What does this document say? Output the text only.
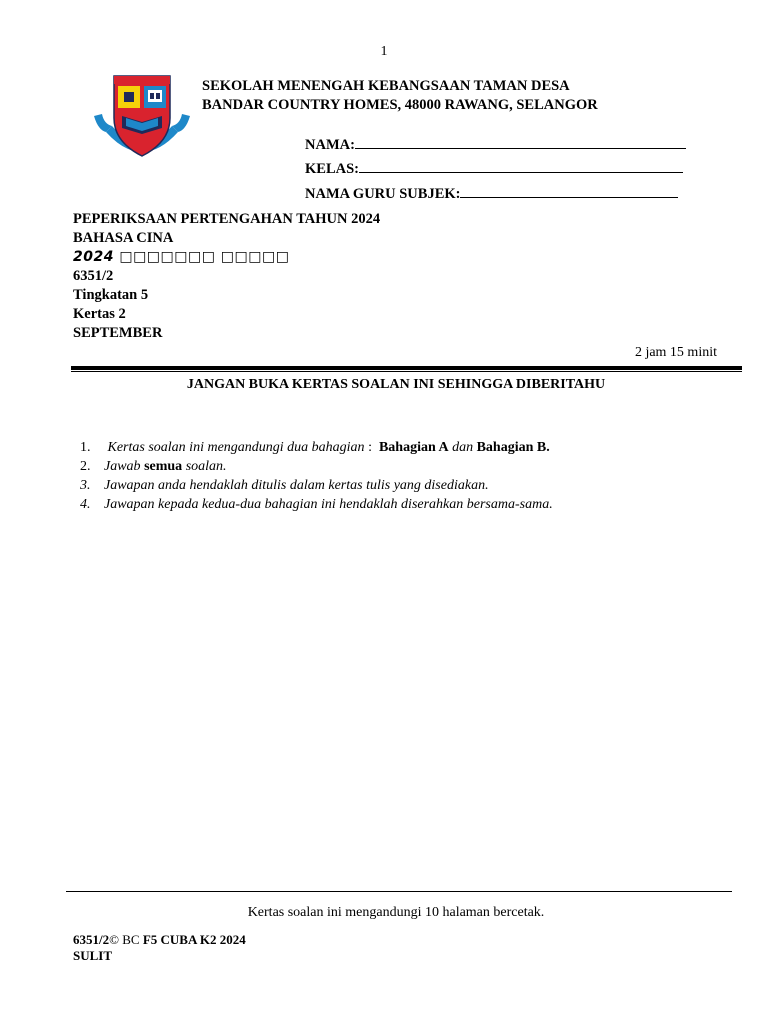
1
SEKOLAH MENENGAH KEBANGSAAN TAMAN DESA
BANDAR COUNTRY HOMES, 48000 RAWANG, SELANGOR
NAMA:
KELAS:
NAMA GURU SUBJEK:
PEPERIKSAAN PERTENGAHAN TAHUN 2024
BAHASA CINA
2024 □□□□□□□ □□□□□
6351/2
Tingkatan 5
Kertas 2
SEPTEMBER
2 jam 15 minit
JANGAN BUKA KERTAS SOALAN INI SEHINGGA DIBERITAHU
1.	Kertas soalan ini mengandungi dua bahagian :  Bahagian A dan Bahagian B.
2. Jawab semua soalan.
3. Jawapan anda hendaklah ditulis dalam kertas tulis yang disediakan.
4. Jawapan kepada kedua-dua bahagian ini hendaklah diserahkan bersama-sama.
Kertas soalan ini mengandungi 10 halaman bercetak.
6351/2© BC F5 CUBA K2 2024
SULIT
